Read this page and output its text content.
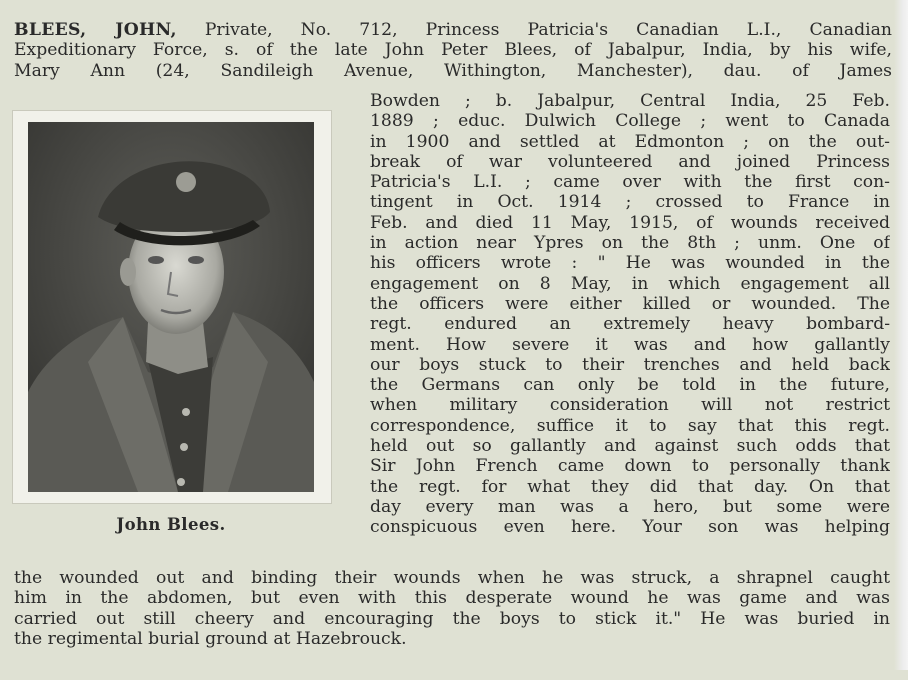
BLEES, JOHN, Private, No. 712, Princess Patricia's Canadian L.I., Canadian
Expeditionary Force, s. of the late John Peter Blees, of Jabalpur, India, by his wife,
Mary Ann (24, Sandileigh Avenue, Withington, Manchester), dau. of James
John Blees.
Bowden ; b. Jabalpur, Central India, 25 Feb.
1889 ; educ. Dulwich College ; went to Canada
in 1900 and settled at Edmonton ; on the out-
break of war volunteered and joined Princess
Patricia's L.I. ; came over with the first con-
tingent in Oct. 1914 ; crossed to France in
Feb. and died 11 May, 1915, of wounds received
in action near Ypres on the 8th ; unm. One of
his officers wrote : " He was wounded in the
engagement on 8 May, in which engagement all
the officers were either killed or wounded. The
regt. endured an extremely heavy bombard-
ment. How severe it was and how gallantly
our boys stuck to their trenches and held back
the Germans can only be told in the future,
when military consideration will not restrict
correspondence, suffice it to say that this regt.
held out so gallantly and against such odds that
Sir John French came down to personally thank
the regt. for what they did that day. On that
day every man was a hero, but some were
conspicuous even here. Your son was helping
the wounded out and binding their wounds when he was struck, a shrapnel caught
him in the abdomen, but even with this desperate wound he was game and was
carried out still cheery and encouraging the boys to stick it." He was buried in
the regimental burial ground at Hazebrouck.
